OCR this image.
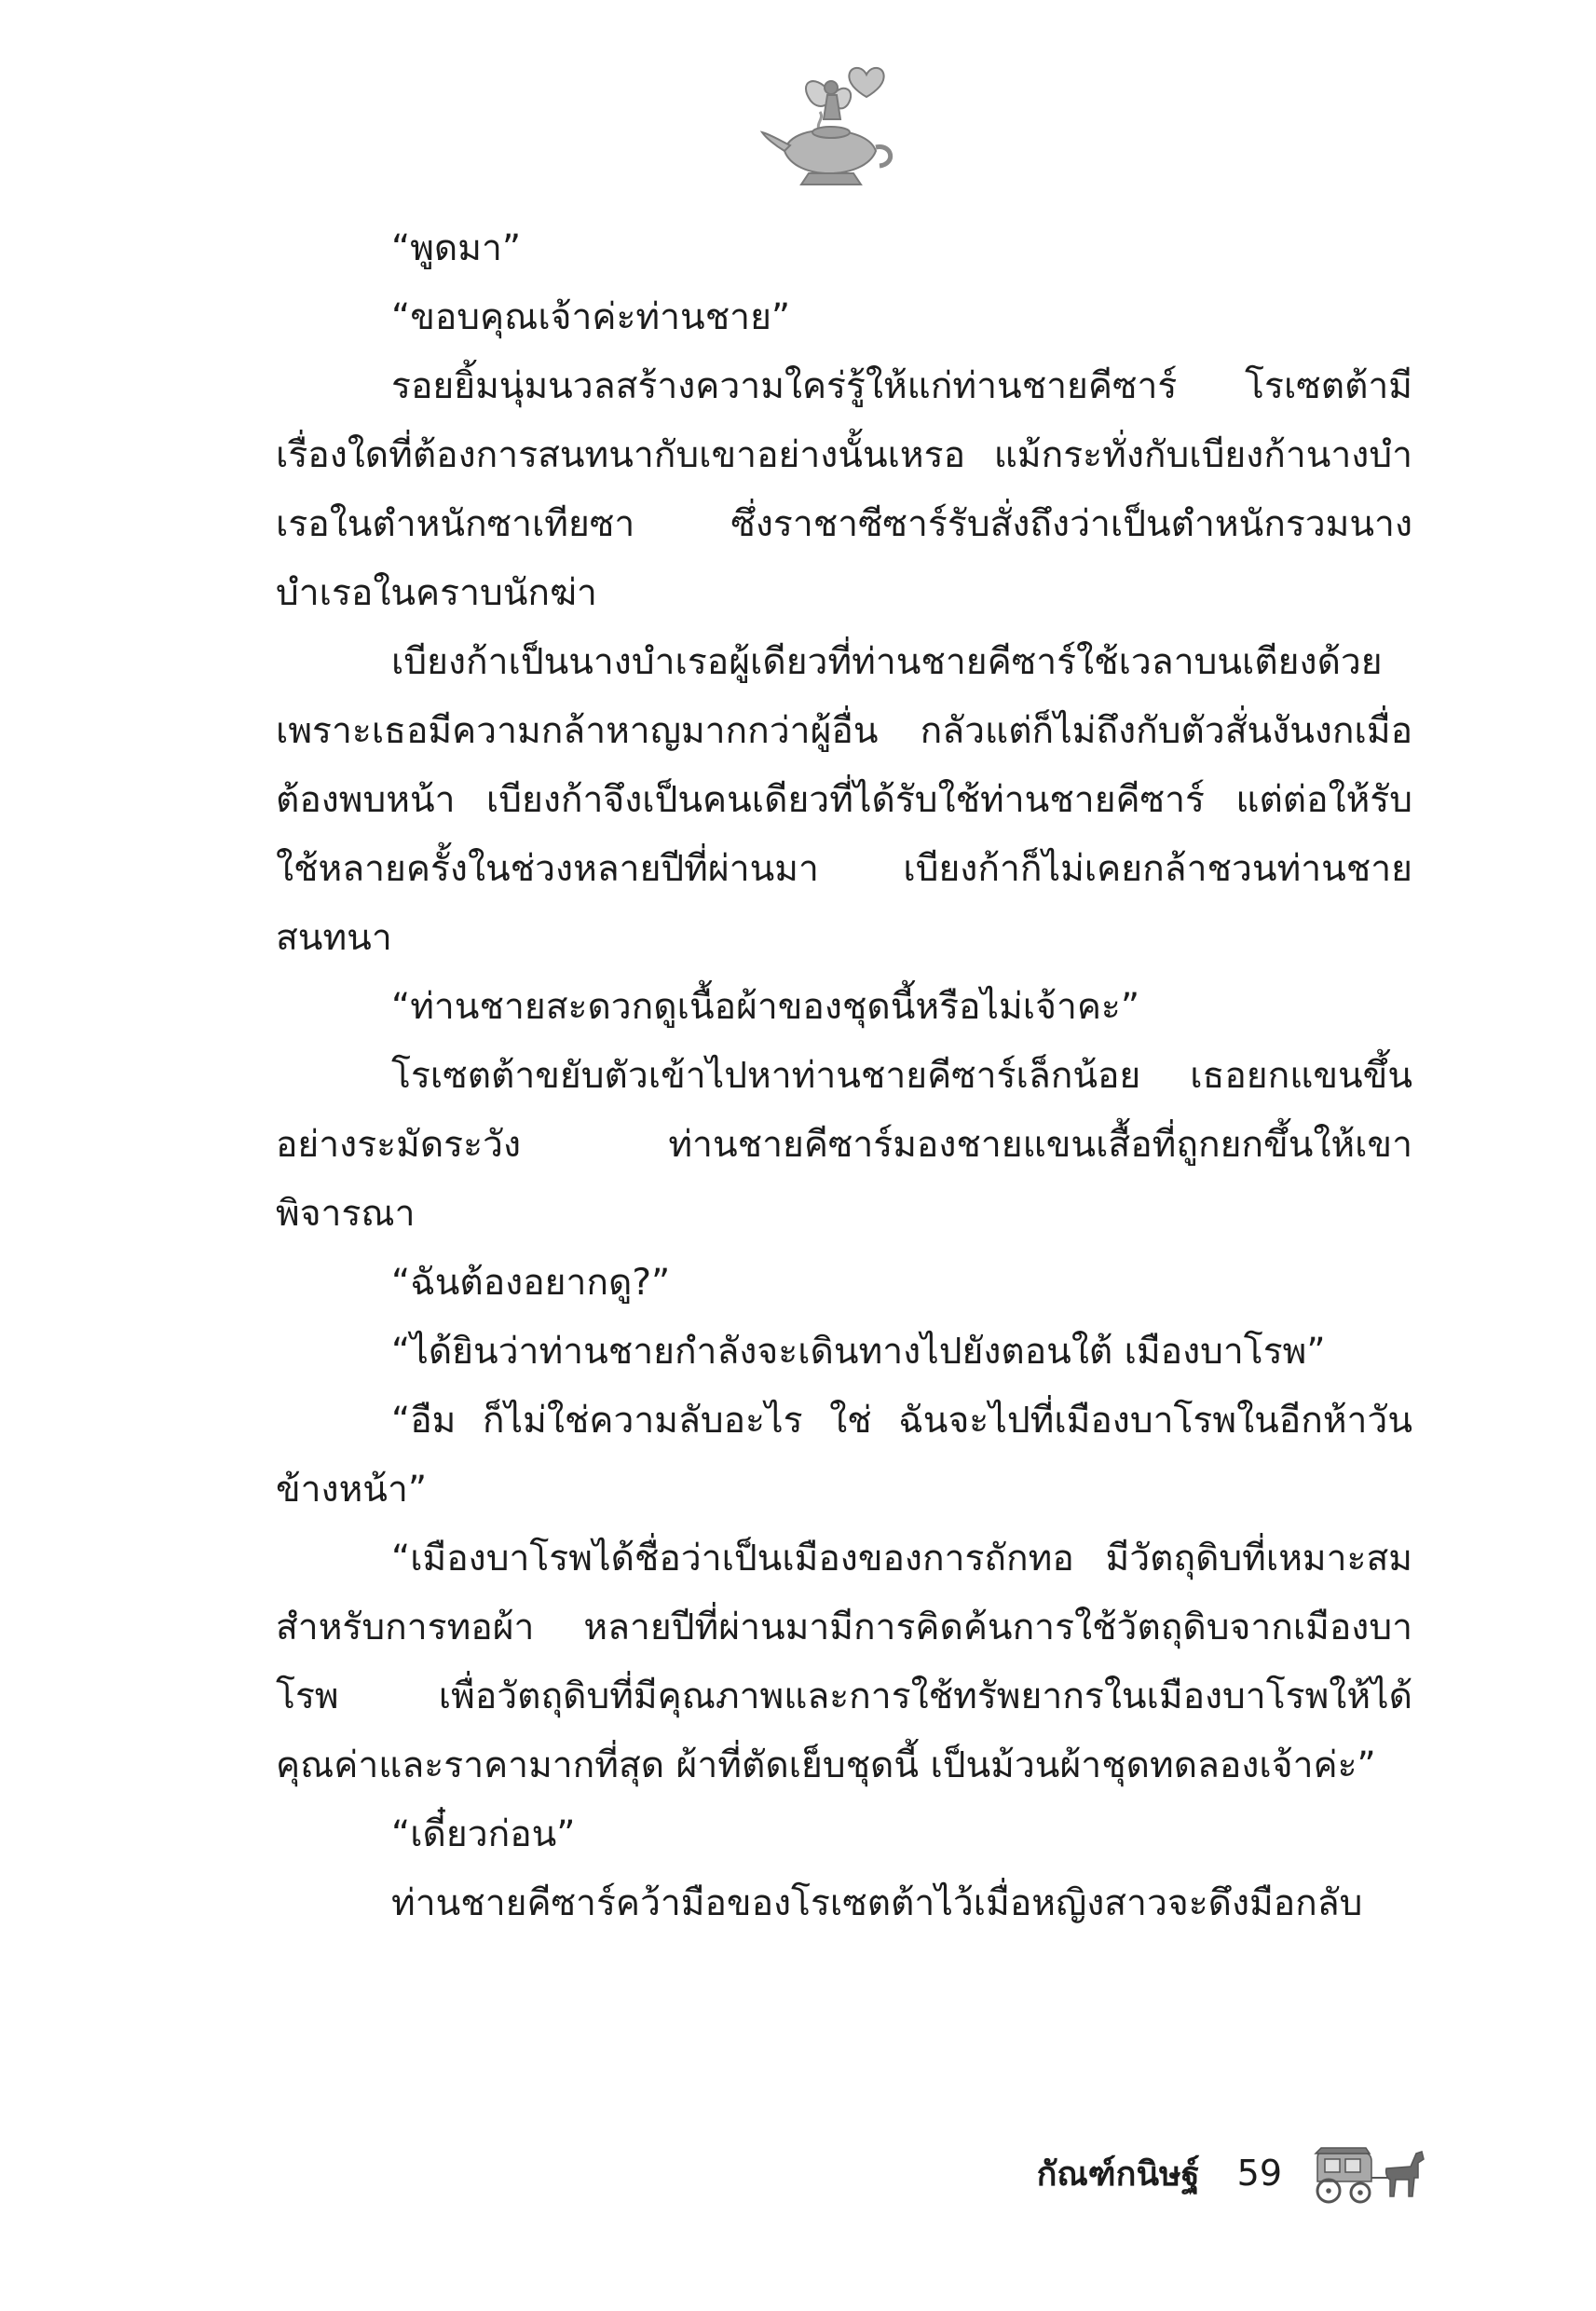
“พูดมา”

“ขอบคุณเจ้าค่ะท่านชาย”

รอยยิ้มนุ่มนวลสร้างความใคร่รู้ให้แก่ท่านชายคีซาร์ โรเซตต้ามีเรื่องใดที่ต้องการสนทนากับเขาอย่างนั้นเหรอ แม้กระทั่งกับเบียงก้านางบำเรอในตำหนักซาเทียซา ซึ่งราชาซีซาร์รับสั่งถึงว่าเป็นตำหนักรวมนางบำเรอในคราบนักฆ่า

เบียงก้าเป็นนางบำเรอผู้เดียวที่ท่านชายคีซาร์ใช้เวลาบนเตียงด้วย เพราะเธอมีความกล้าหาญมากกว่าผู้อื่น กลัวแต่ก็ไม่ถึงกับตัวสั่นงันงกเมื่อต้องพบหน้า เบียงก้าจึงเป็นคนเดียวที่ได้รับใช้ท่านชายคีซาร์ แต่ต่อให้รับใช้หลายครั้งในช่วงหลายปีที่ผ่านมา เบียงก้าก็ไม่เคยกล้าชวนท่านชายสนทนา

“ท่านชายสะดวกดูเนื้อผ้าของชุดนี้หรือไม่เจ้าคะ”

โรเซตต้าขยับตัวเข้าไปหาท่านชายคีซาร์เล็กน้อย เธอยกแขนขึ้นอย่างระมัดระวัง ท่านชายคีซาร์มองชายแขนเสื้อที่ถูกยกขึ้นให้เขาพิจารณา

“ฉันต้องอยากดู?”

“ได้ยินว่าท่านชายกำลังจะเดินทางไปยังตอนใต้ เมืองบาโรพ”

“อืม ก็ไม่ใช่ความลับอะไร ใช่ ฉันจะไปที่เมืองบาโรพในอีกห้าวันข้างหน้า”

“เมืองบาโรพได้ชื่อว่าเป็นเมืองของการถักทอ มีวัตถุดิบที่เหมาะสมสำหรับการทอผ้า หลายปีที่ผ่านมามีการคิดค้นการใช้วัตถุดิบจากเมืองบาโรพ เพื่อวัตถุดิบที่มีคุณภาพและการใช้ทรัพยากรในเมืองบาโรพให้ได้คุณค่าและราคามากที่สุด ผ้าที่ตัดเย็บชุดนี้ เป็นม้วนผ้าชุดทดลองเจ้าค่ะ”

“เดี๋ยวก่อน”

ท่านชายคีซาร์คว้ามือของโรเซตต้าไว้เมื่อหญิงสาวจะดึงมือกลับ

กัณฑ์กนิษฐ์ 59
